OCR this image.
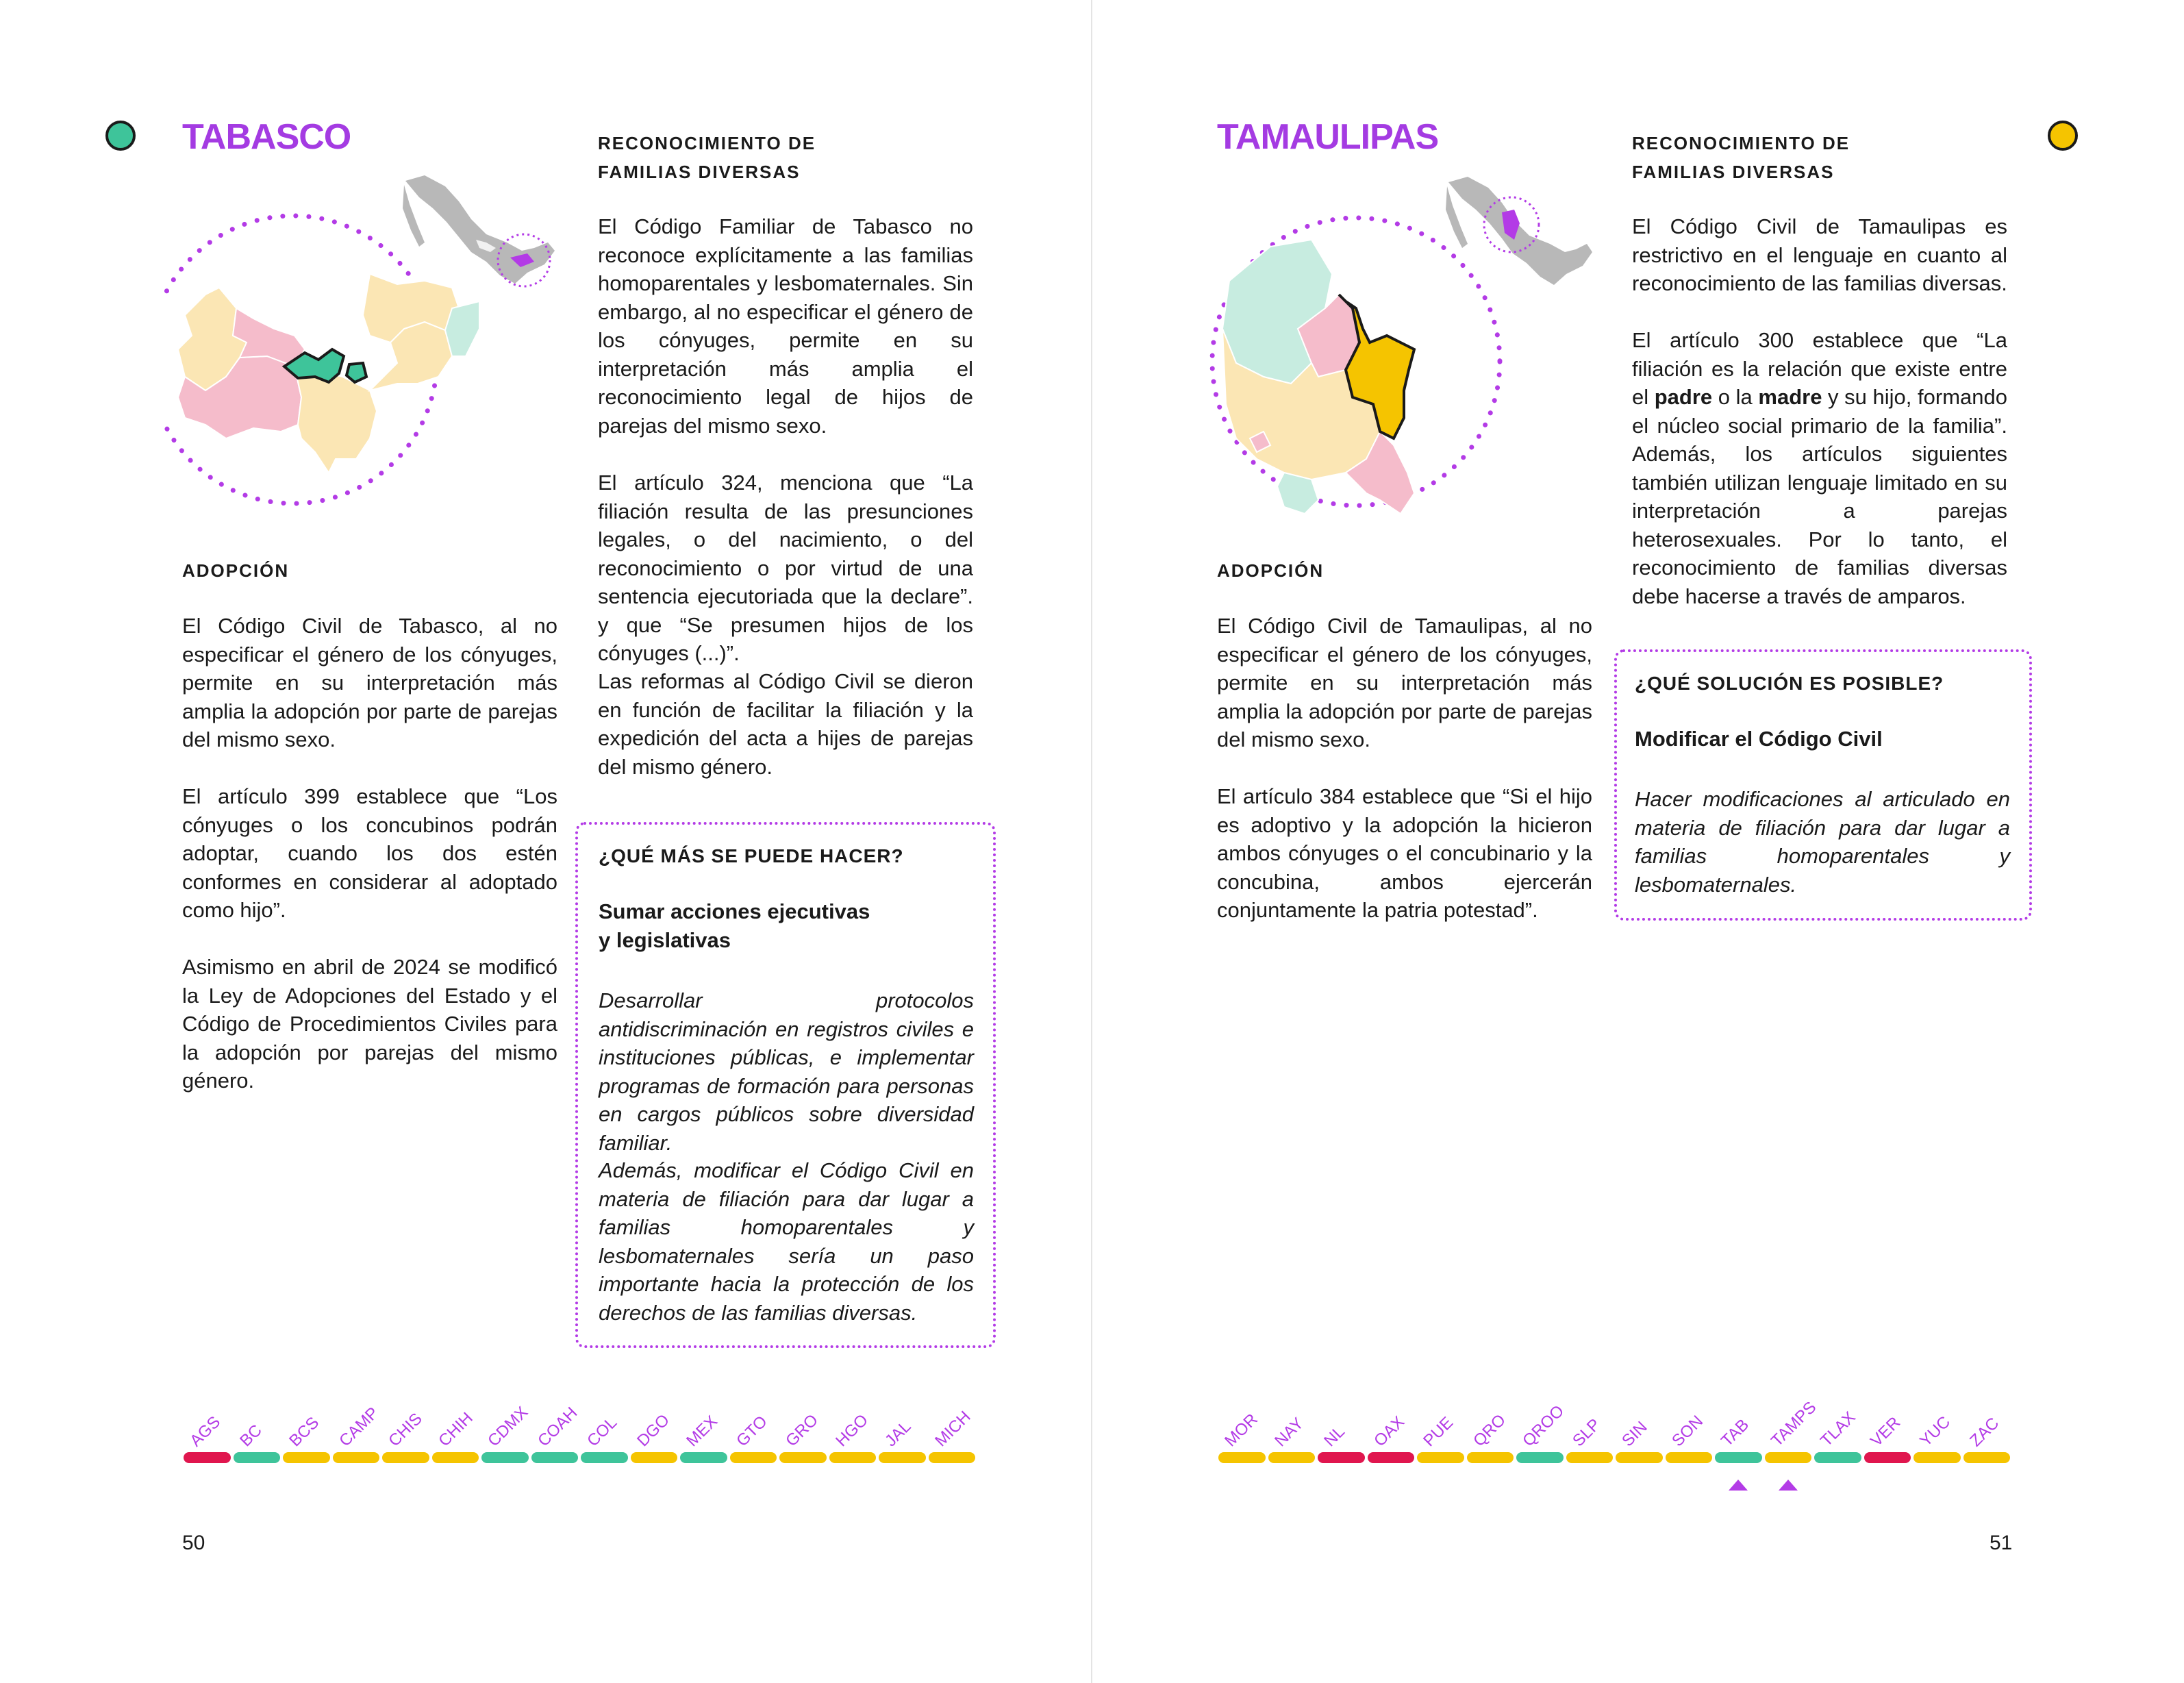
TABASCO
ADOPCIÓN

El Código Civil de Tabasco, al no especificar el género de los cónyuges, permite en su interpretación más amplia la adopción por parte de parejas del mismo sexo.

El artículo 399 establece que “Los cónyuges o los concubinos podrán adoptar, cuando los dos estén conformes en considerar al adoptado como hijo”.

Asimismo en abril de 2024 se modificó la Ley de Adopciones del Estado y el Código de Procedimientos Civiles para la adopción por parejas del mismo género.

RECONOCIMIENTO DE
FAMILIAS DIVERSAS

El Código Familiar de Tabasco no reconoce explícitamente a las familias homoparentales y lesbomaternales. Sin embargo, al no especificar el género de los cónyuges, permite en su interpretación más amplia el reconocimiento legal de hijos de parejas del mismo sexo.

El artículo 324, menciona que “La filiación resulta de las presunciones legales, o del nacimiento, o del reconocimiento o por virtud de una sentencia ejecutoriada que la declare”. y que “Se presumen hijos de los cónyuges (...)”.

Las reformas al Código Civil se dieron en función de facilitar la filiación y la expedición del acta a hijes de parejas del mismo género.

¿QUÉ MÁS SE PUEDE HACER?
Sumar acciones ejecutivas
y legislativas

Desarrollar protocolos antidiscriminación en registros civiles e instituciones públicas, e implementar programas de formación para personas en cargos públicos sobre diversidad familiar.

Además, modificar el Código Civil en materia de filiación para dar lugar a familias homoparentales y lesbomaternales sería un paso importante hacia la protección de los derechos de las familias diversas.

AGS BC BCS CAMP CHIS CHIH CDMX COAH COL DGO MEX GTO GRO HGO JAL MICH
50
TAMAULIPAS
ADOPCIÓN

El Código Civil de Tamaulipas, al no especificar el género de los cónyuges, permite en su interpretación más amplia la adopción por parte de parejas del mismo sexo.

El artículo 384 establece que “Si el hijo es adoptivo y la adopción la hicieron ambos cónyuges o el concubinario y la concubina, ambos ejercerán conjuntamente la patria potestad”.

RECONOCIMIENTO DE
FAMILIAS DIVERSAS

El Código Civil de Tamaulipas es restrictivo en el lenguaje en cuanto al reconocimiento de las familias diversas.

El artículo 300 establece que “La filiación es la relación que existe entre el padre o la madre y su hijo, formando el núcleo social primario de la familia”. Además, los artículos siguientes también utilizan lenguaje limitado en su interpretación a parejas heterosexuales. Por lo tanto, el reconocimiento de familias diversas debe hacerse a través de amparos.

¿QUÉ SOLUCIÓN ES POSIBLE?
Modificar el Código Civil

Hacer modificaciones al articulado en materia de filiación para dar lugar a familias homoparentales y lesbomaternales.

MOR NAY NL OAX PUE QRO QROO SLP SIN SON TAB TAMPS
TLAX VER YUC ZAC
51
